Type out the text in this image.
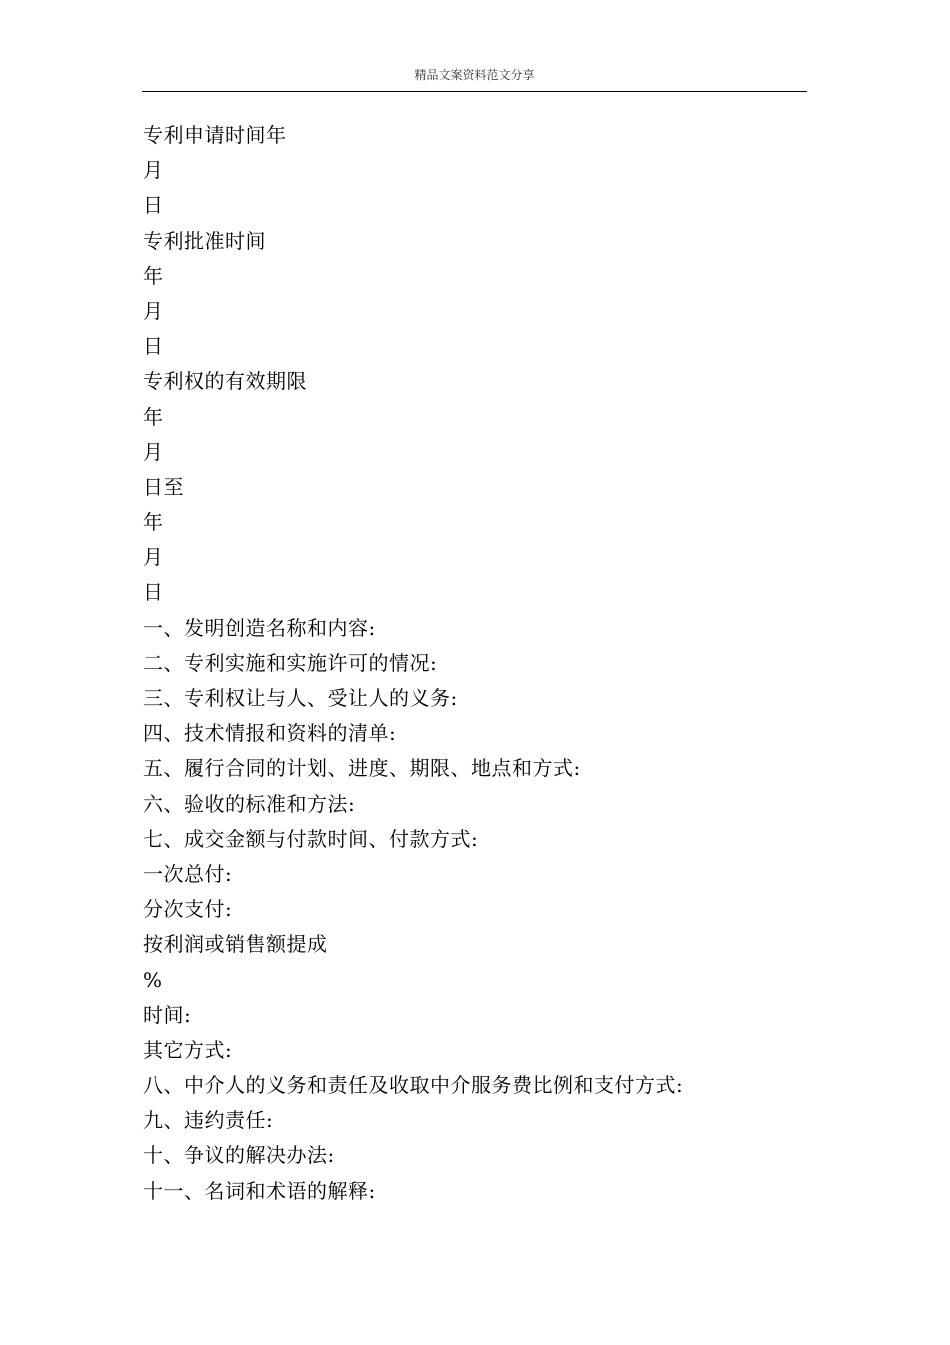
精品文案资料范文分享
专利申请时间年
月
日
专利批准时间
年
月
日
专利权的有效期限
年
月
日至
年
月
日
一、发明创造名称和内容:
二、专利实施和实施许可的情况:
三、专利权让与人、受让人的义务:
四、技术情报和资料的清单:
五、履行合同的计划、进度、期限、地点和方式:
六、验收的标准和方法:
七、成交金额与付款时间、付款方式:
一次总付:
分次支付:
按利润或销售额提成
%
时间:
其它方式:
八、中介人的义务和责任及收取中介服务费比例和支付方式:
九、违约责任:
十、争议的解决办法:
十一、名词和术语的解释:
